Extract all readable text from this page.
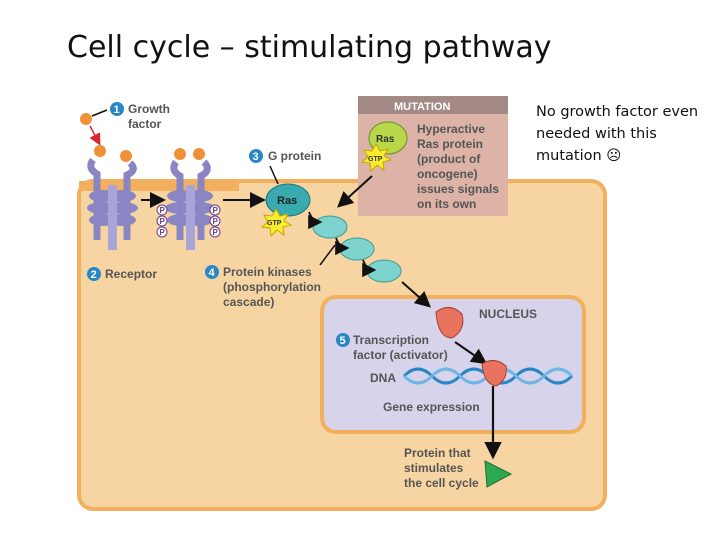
Cell cycle – stimulating pathway
No growth factor even needed with this mutation ☹
NUCLEUS
MUTATION
Hyperactive
Ras protein
(product of
oncogene)
issues signals
on its own
Ras
GTP
1 Growth
factor
P
P
P
P
P
P
2 Receptor
3 G protein
Ras
GTP
4 Protein kinases
(phosphorylation
cascade)
5 Transcription
factor (activator)
DNA
Gene expression
Protein that
stimulates
the cell cycle
